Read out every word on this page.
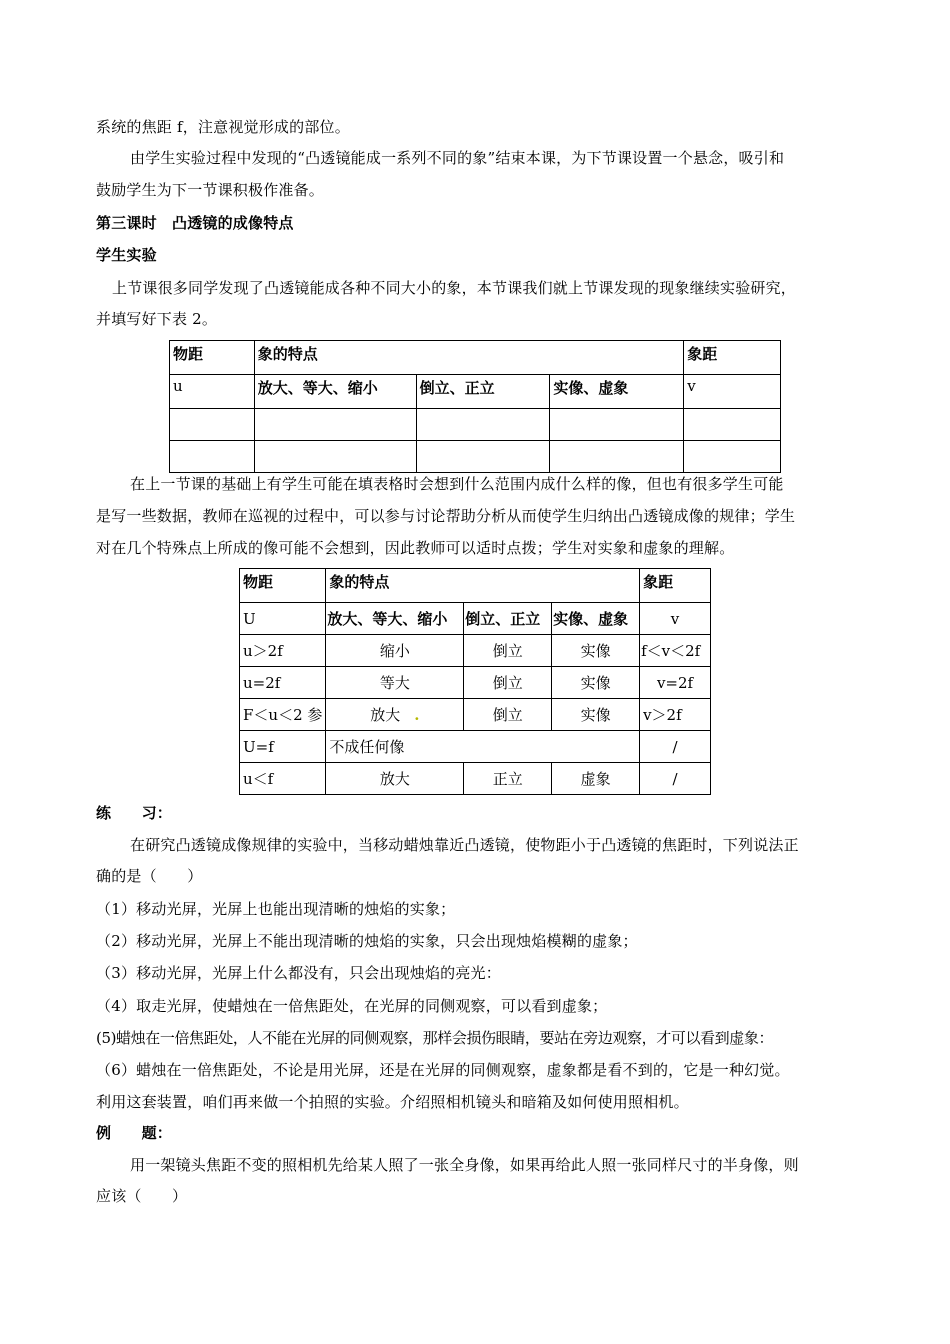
系统的焦距 f，注意视觉形成的部位。
由学生实验过程中发现的“凸透镜能成一系列不同的象”结束本课，为下节课设置一个悬念，吸引和
鼓励学生为下一节课积极作准备。
第三课时　凸透镜的成像特点
学生实验
上节课很多同学发现了凸透镜能成各种不同大小的象，本节课我们就上节课发现的现象继续实验研究，
并填写好下表 2。
物距	象的特点			象距
u	放大、等大、缩小	倒立、正立	实像、虚象	v

在上一节课的基础上有学生可能在填表格时会想到什么范围内成什么样的像，但也有很多学生可能
是写一些数据，教师在巡视的过程中，可以参与讨论帮助分析从而使学生归纳出凸透镜成像的规律；学生
对在几个特殊点上所成的像可能不会想到，因此教师可以适时点拨；学生对实象和虚象的理解。
物距	象的特点			象距
U	放大、等大、缩小	倒立、正立	实像、虚象	v
u＞2f	缩小	倒立	实像	f＜v＜2f
u=2f	等大	倒立	实像	v=2f
F＜u＜2 参	放大 .	倒立	实像	v＞2f
U=f	不成任何像			/
u＜f	放大	正立	虚象	/
练　　习：
在研究凸透镜成像规律的实验中，当移动蜡烛靠近凸透镜，使物距小于凸透镜的焦距时，下列说法正
确的是（　　）
（1）移动光屏，光屏上也能出现清晰的烛焰的实象；
（2）移动光屏，光屏上不能出现清晰的烛焰的实象，只会出现烛焰模糊的虚象；
（3）移动光屏，光屏上什么都没有，只会出现烛焰的亮光：
（4）取走光屏，使蜡烛在一倍焦距处，在光屏的同侧观察，可以看到虚象；
(5)蜡烛在一倍焦距处，人不能在光屏的同侧观察，那样会损伤眼睛，要站在旁边观察，才可以看到虚象：
（6）蜡烛在一倍焦距处，不论是用光屏，还是在光屏的同侧观察，虚象都是看不到的，它是一种幻觉。
利用这套装置，咱们再来做一个拍照的实验。介绍照相机镜头和暗箱及如何使用照相机。
例　　题：
用一架镜头焦距不变的照相机先给某人照了一张全身像，如果再给此人照一张同样尺寸的半身像，则
应该（　　）
